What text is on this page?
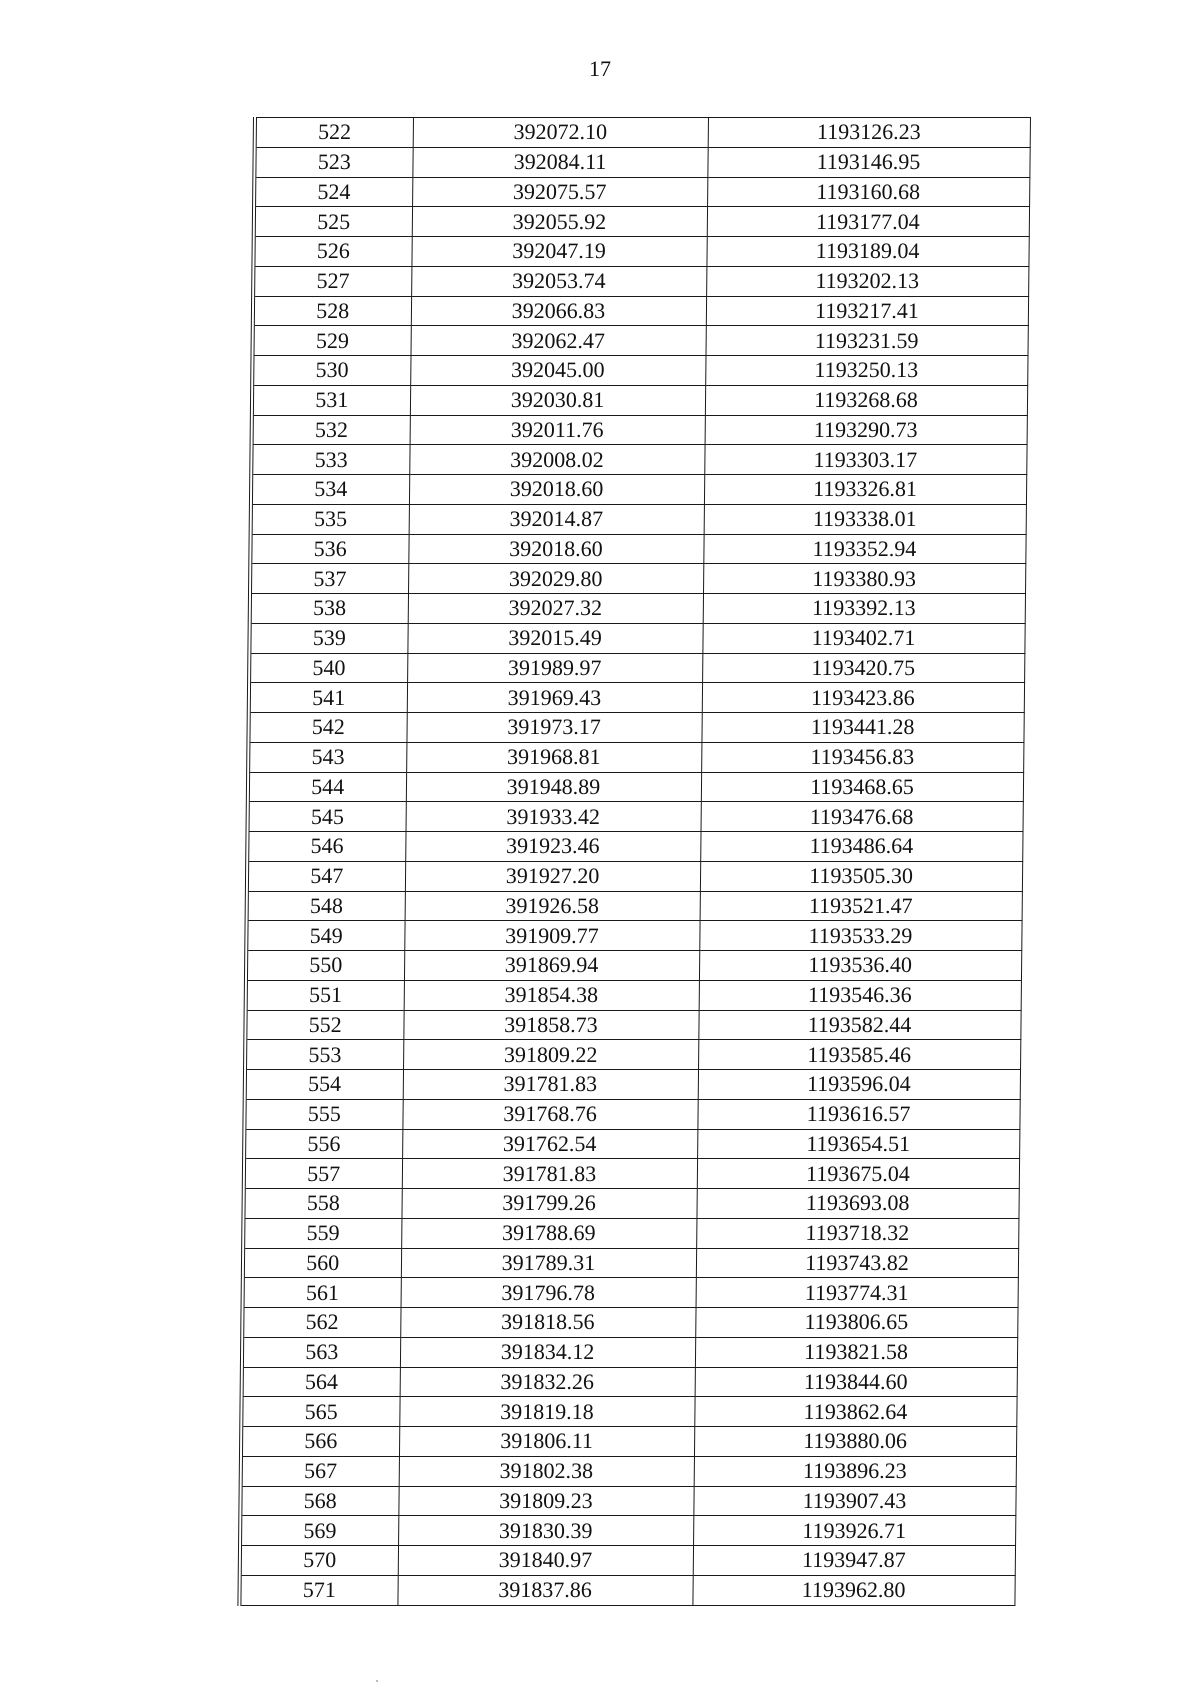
17
522	392072.10	1193126.23
523	392084.11	1193146.95
524	392075.57	1193160.68
525	392055.92	1193177.04
526	392047.19	1193189.04
527	392053.74	1193202.13
528	392066.83	1193217.41
529	392062.47	1193231.59
530	392045.00	1193250.13
531	392030.81	1193268.68
532	392011.76	1193290.73
533	392008.02	1193303.17
534	392018.60	1193326.81
535	392014.87	1193338.01
536	392018.60	1193352.94
537	392029.80	1193380.93
538	392027.32	1193392.13
539	392015.49	1193402.71
540	391989.97	1193420.75
541	391969.43	1193423.86
542	391973.17	1193441.28
543	391968.81	1193456.83
544	391948.89	1193468.65
545	391933.42	1193476.68
546	391923.46	1193486.64
547	391927.20	1193505.30
548	391926.58	1193521.47
549	391909.77	1193533.29
550	391869.94	1193536.40
551	391854.38	1193546.36
552	391858.73	1193582.44
553	391809.22	1193585.46
554	391781.83	1193596.04
555	391768.76	1193616.57
556	391762.54	1193654.51
557	391781.83	1193675.04
558	391799.26	1193693.08
559	391788.69	1193718.32
560	391789.31	1193743.82
561	391796.78	1193774.31
562	391818.56	1193806.65
563	391834.12	1193821.58
564	391832.26	1193844.60
565	391819.18	1193862.64
566	391806.11	1193880.06
567	391802.38	1193896.23
568	391809.23	1193907.43
569	391830.39	1193926.71
570	391840.97	1193947.87
571	391837.86	1193962.80
